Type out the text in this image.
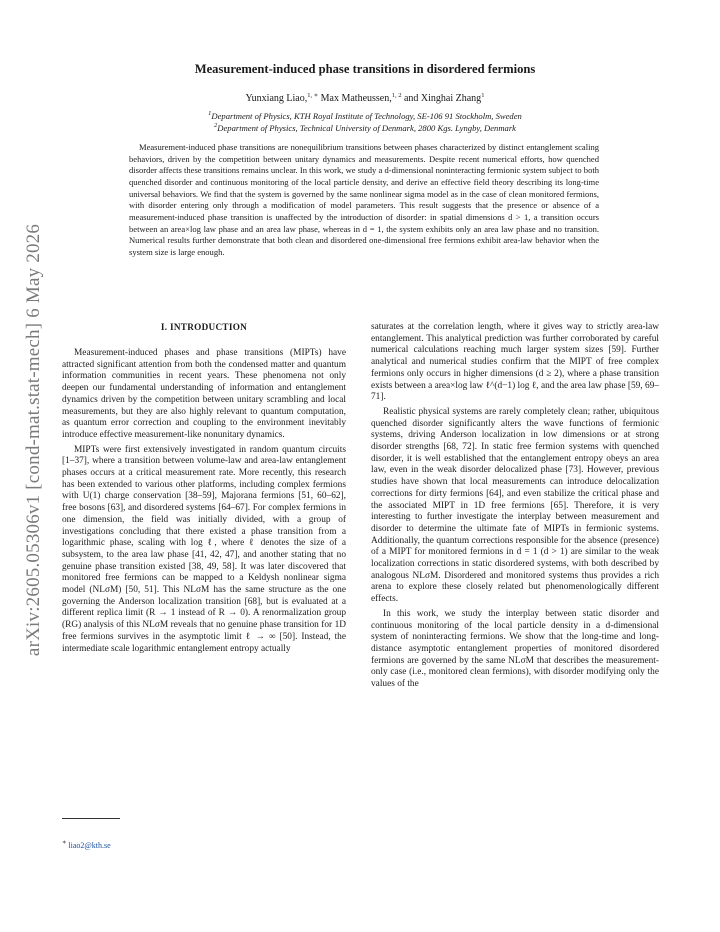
arXiv:2605.05306v1 [cond-mat.stat-mech] 6 May 2026
Measurement-induced phase transitions in disordered fermions
Yunxiang Liao,$^{1, ∗}$ Max Matheussen,$^{1, 2}$ and Xinghai Zhang$^1$
$^1$Department of Physics, KTH Royal Institute of Technology, SE-106 91 Stockholm, Sweden
$^2$Department of Physics, Technical University of Denmark, 2800 Kgs. Lyngby, Denmark
Measurement-induced phase transitions are nonequilibrium transitions between phases characterized by distinct entanglement scaling behaviors, driven by the competition between unitary dynamics and measurements. Despite recent numerical efforts, how quenched disorder affects these transitions remains unclear. In this work, we study a d-dimensional noninteracting fermionic system subject to both quenched disorder and continuous monitoring of the local particle density, and derive an effective field theory describing its long-time universal behaviors. We find that the system is governed by the same nonlinear sigma model as in the case of clean monitored fermions, with disorder entering only through a modification of model parameters. This result suggests that the presence or absence of a measurement-induced phase transition is unaffected by the introduction of disorder: in spatial dimensions d > 1, a transition occurs between an area×log law phase and an area law phase, whereas in d = 1, the system exhibits only an area law phase and no transition. Numerical results further demonstrate that both clean and disordered one-dimensional free fermions exhibit area-law behavior when the system size is large enough.
I. INTRODUCTION

Measurement-induced phases and phase transitions (MIPTs) have attracted significant attention from both the condensed matter and quantum information communities in recent years. These phenomena not only deepen our fundamental understanding of information and entanglement dynamics driven by the competition between unitary scrambling and local measurements, but they are also highly relevant to quantum computation, as quantum error correction and coupling to the environment inevitably introduce effective measurement-like nonunitary dynamics.

MIPTs were first extensively investigated in random quantum circuits [1–37], where a transition between volume-law and area-law entanglement phases occurs at a critical measurement rate. More recently, this research has been extended to various other platforms, including complex fermions with U(1) charge conservation [38–59], Majorana fermions [51, 60–62], free bosons [63], and disordered systems [64–67]. For complex fermions in one dimension, the field was initially divided, with a group of investigations concluding that there existed a phase transition from a logarithmic phase, scaling with log ℓ, where ℓ denotes the size of a subsystem, to the area law phase [41, 42, 47], and another stating that no genuine phase transition existed [38, 49, 58]. It was later discovered that monitored free fermions can be mapped to a Keldysh nonlinear sigma model (NLσM) [50, 51]. This NLσM has the same structure as the one governing the Anderson localization transition [68], but is evaluated at a different replica limit (R → 1 instead of R → 0). A renormalization group (RG) analysis of this NLσM reveals that no genuine phase transition for 1D free fermions survives in the asymptotic limit ℓ → ∞ [50]. Instead, the intermediate scale logarithmic entanglement entropy actually

saturates at the correlation length, where it gives way to strictly area-law entanglement. This analytical prediction was further corroborated by careful numerical calculations reaching much larger system sizes [59]. Further analytical and numerical studies confirm that the MIPT of free complex fermions only occurs in higher dimensions (d ≥ 2), where a phase transition exists between a area×log law ℓ^(d−1) log ℓ, and the area law phase [59, 69–71].

Realistic physical systems are rarely completely clean; rather, ubiquitous quenched disorder significantly alters the wave functions of fermionic systems, driving Anderson localization in low dimensions or at strong disorder strengths [68, 72]. In static free fermion systems with quenched disorder, it is well established that the entanglement entropy obeys an area law, even in the weak disorder delocalized phase [73]. However, previous studies have shown that local measurements can introduce delocalization corrections for dirty fermions [64], and even stabilize the critical phase and the associated MIPT in 1D free fermions [65]. Therefore, it is very interesting to further investigate the interplay between measurement and disorder to determine the ultimate fate of MIPTs in fermionic systems. Additionally, the quantum corrections responsible for the absence (presence) of a MIPT for monitored fermions in d = 1 (d > 1) are similar to the weak localization corrections in static disordered systems, with both described by analogous NLσM. Disordered and monitored systems thus provides a rich arena to explore these closely related but phenomenologically different effects.

In this work, we study the interplay between static disorder and continuous monitoring of the local particle density in a d-dimensional system of noninteracting fermions. We show that the long-time and long-distance asymptotic entanglement properties of monitored disordered fermions are governed by the same NLσM that describes the measurement-only case (i.e., monitored clean fermions), with disorder modifying only the values of the

∗ liao2@kth.se
